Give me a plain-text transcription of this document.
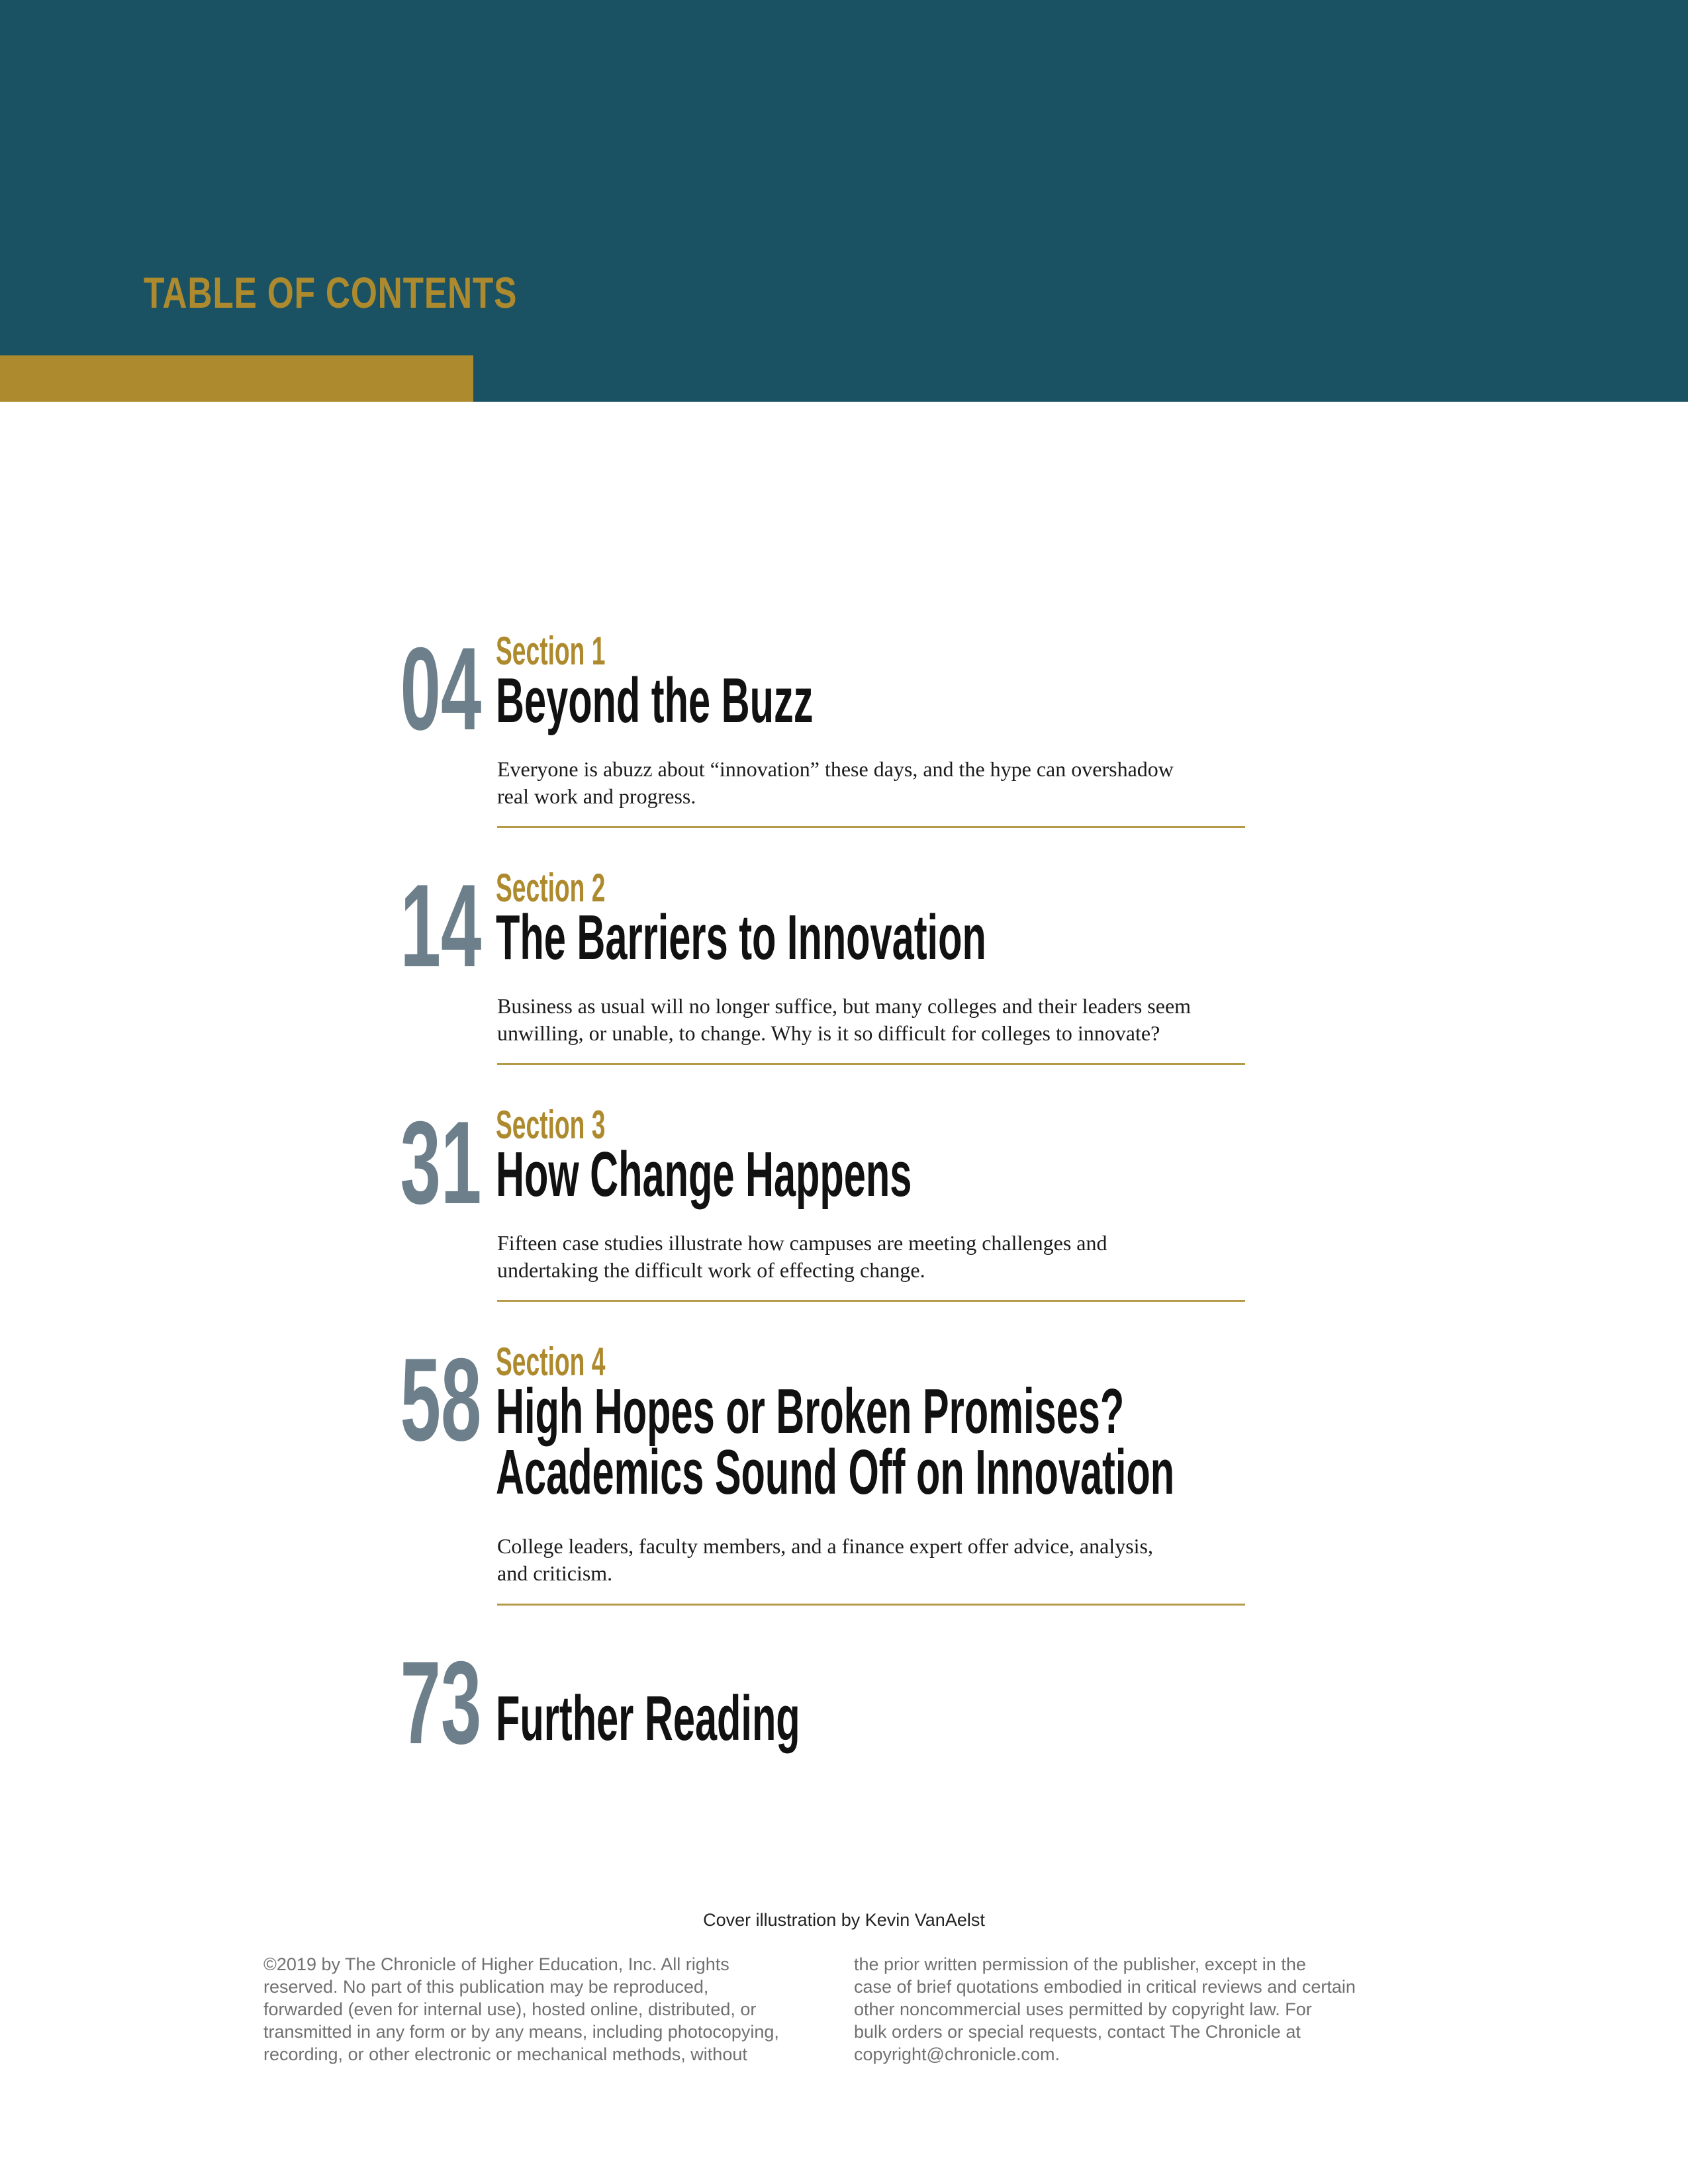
TABLE OF CONTENTS
04 Section 1
Beyond the Buzz
Everyone is abuzz about “innovation” these days, and the hype can overshadow
real work and progress.
14 Section 2
The Barriers to Innovation
Business as usual will no longer suffice, but many colleges and their leaders seem
unwilling, or unable, to change. Why is it so difficult for colleges to innovate?
31 Section 3
How Change Happens
Fifteen case studies illustrate how campuses are meeting challenges and
undertaking the difficult work of effecting change.
58 Section 4
High Hopes or Broken Promises?
Academics Sound Off on Innovation
College leaders, faculty members, and a finance expert offer advice, analysis,
and criticism.
73 Further Reading
Cover illustration by Kevin VanAelst
©2019 by The Chronicle of Higher Education, Inc. All rights
reserved. No part of this publication may be reproduced,
forwarded (even for internal use), hosted online, distributed, or
transmitted in any form or by any means, including photocopying,
recording, or other electronic or mechanical methods, without
the prior written permission of the publisher, except in the
case of brief quotations embodied in critical reviews and certain
other noncommercial uses permitted by copyright law. For
bulk orders or special requests, contact The Chronicle at
copyright@chronicle.com.
